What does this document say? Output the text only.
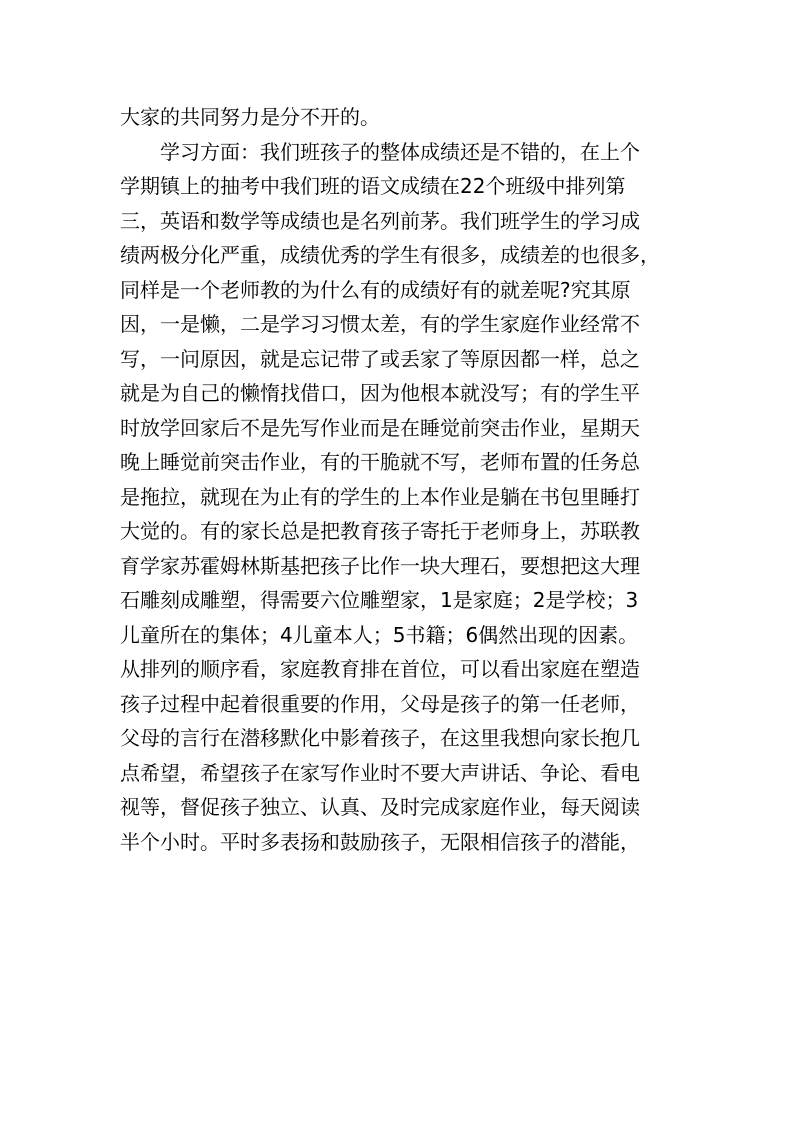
大家的共同努力是分不开的。
学习方面：我们班孩子的整体成绩还是不错的，在上个
学期镇上的抽考中我们班的语文成绩在22个班级中排列第
三，英语和数学等成绩也是名列前茅。我们班学生的学习成
绩两极分化严重，成绩优秀的学生有很多，成绩差的也很多，
同样是一个老师教的为什么有的成绩好有的就差呢?究其原
因，一是懒，二是学习习惯太差，有的学生家庭作业经常不
写，一问原因，就是忘记带了或丢家了等原因都一样，总之
就是为自己的懒惰找借口，因为他根本就没写；有的学生平
时放学回家后不是先写作业而是在睡觉前突击作业，星期天
晚上睡觉前突击作业，有的干脆就不写，老师布置的任务总
是拖拉，就现在为止有的学生的上本作业是躺在书包里睡打
大觉的。有的家长总是把教育孩子寄托于老师身上，苏联教
育学家苏霍姆林斯基把孩子比作一块大理石，要想把这大理
石雕刻成雕塑，得需要六位雕塑家，1是家庭；2是学校；3
儿童所在的集体；4儿童本人；5书籍；6偶然出现的因素。
从排列的顺序看，家庭教育排在首位，可以看出家庭在塑造
孩子过程中起着很重要的作用，父母是孩子的第一任老师，
父母的言行在潜移默化中影着孩子，在这里我想向家长抱几
点希望，希望孩子在家写作业时不要大声讲话、争论、看电
视等，督促孩子独立、认真、及时完成家庭作业，每天阅读
半个小时。平时多表扬和鼓励孩子，无限相信孩子的潜能，
